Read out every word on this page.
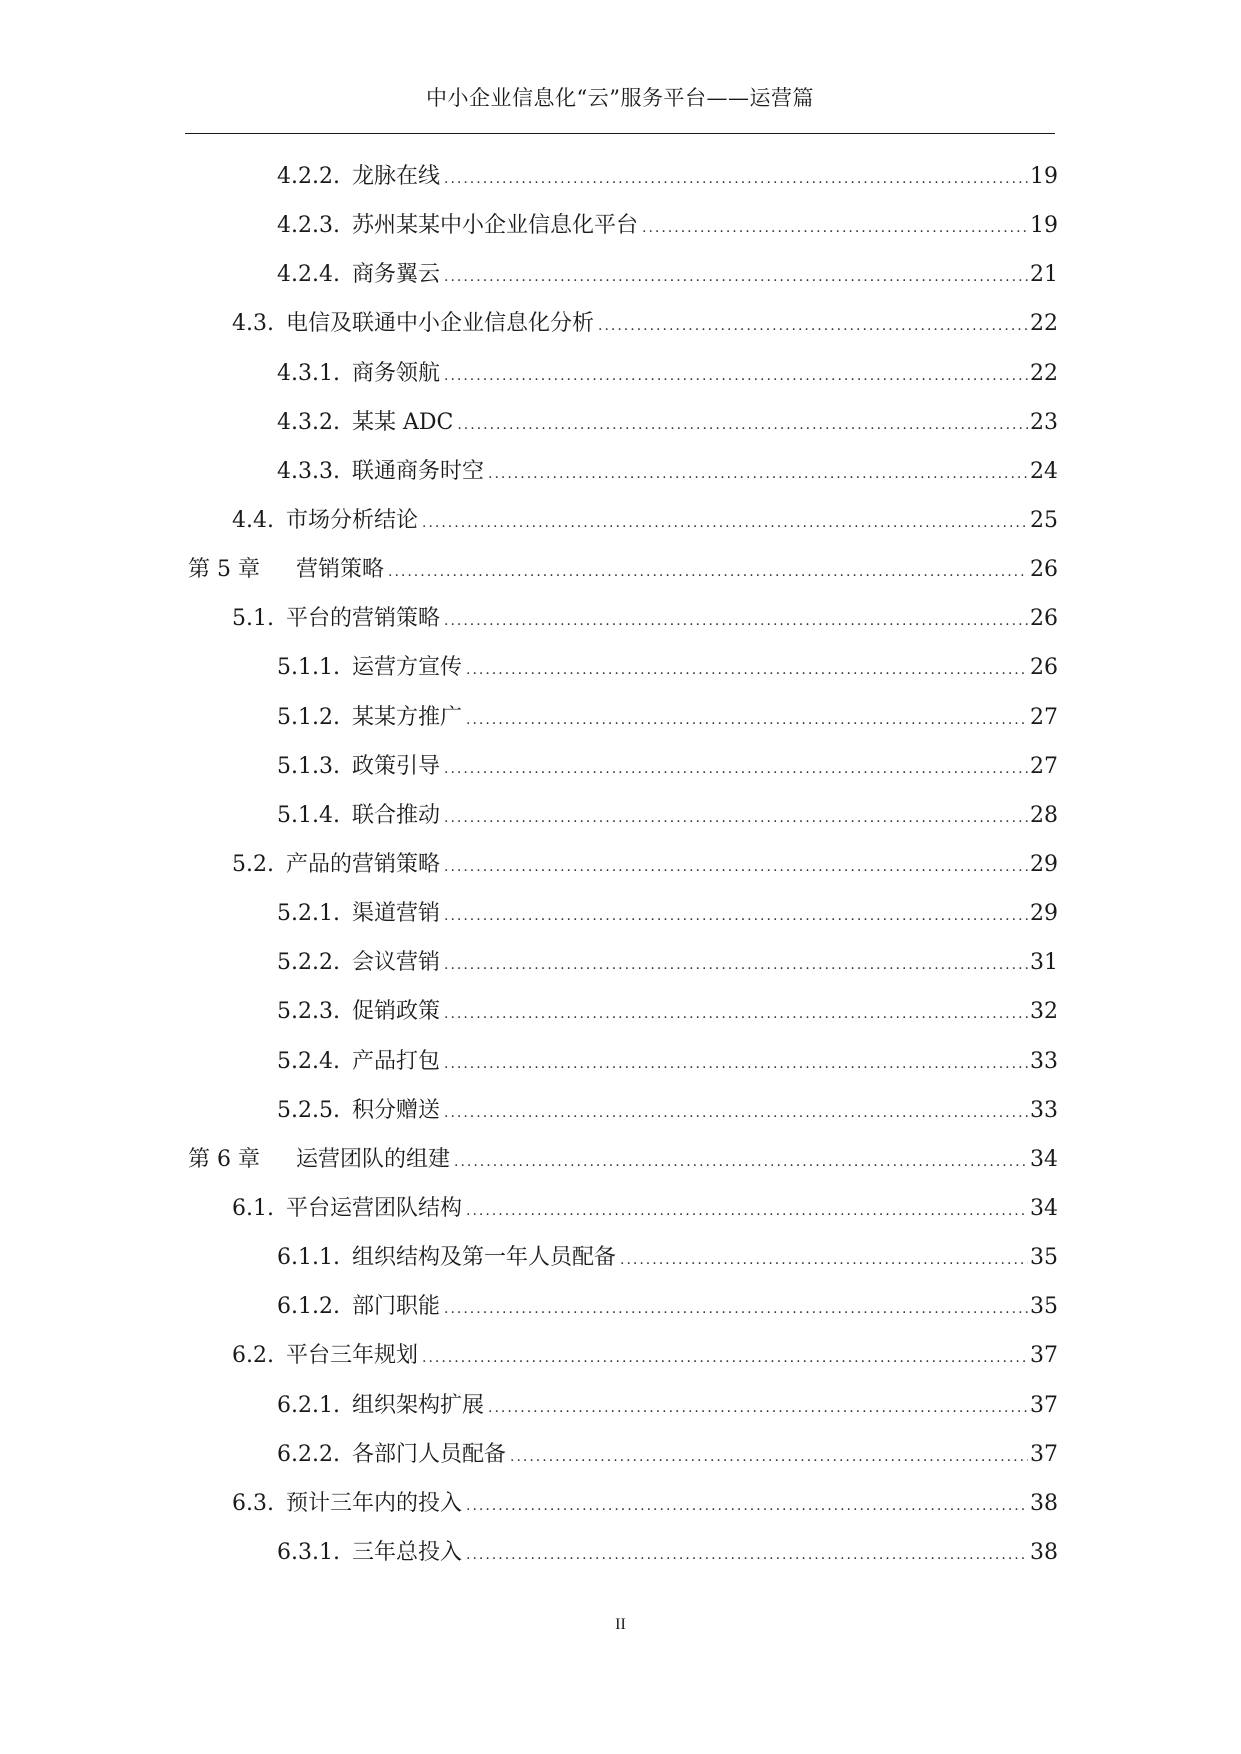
中小企业信息化“云”服务平台——运营篇
4.2.2. 龙脉在线 .....	19
4.2.3. 苏州某某中小企业信息化平台 .....	19
4.2.4. 商务翼云 .....	21
4.3. 电信及联通中小企业信息化分析 .....	22
4.3.1. 商务领航 .....	22
4.3.2. 某某 ADC .....	23
4.3.3. 联通商务时空 .....	24
4.4. 市场分析结论 .....	25
第 5 章 营销策略 .....	26
5.1. 平台的营销策略 .....	26
5.1.1. 运营方宣传 .....	26
5.1.2. 某某方推广 .....	27
5.1.3. 政策引导 .....	27
5.1.4. 联合推动 .....	28
5.2. 产品的营销策略 .....	29
5.2.1. 渠道营销 .....	29
5.2.2. 会议营销 .....	31
5.2.3. 促销政策 .....	32
5.2.4. 产品打包 .....	33
5.2.5. 积分赠送 .....	33
第 6 章 运营团队的组建 .....	34
6.1. 平台运营团队结构 .....	34
6.1.1. 组织结构及第一年人员配备 .....	35
6.1.2. 部门职能 .....	35
6.2. 平台三年规划 .....	37
6.2.1. 组织架构扩展 .....	37
6.2.2. 各部门人员配备 .....	37
6.3. 预计三年内的投入 .....	38
6.3.1. 三年总投入 .....	38
II
